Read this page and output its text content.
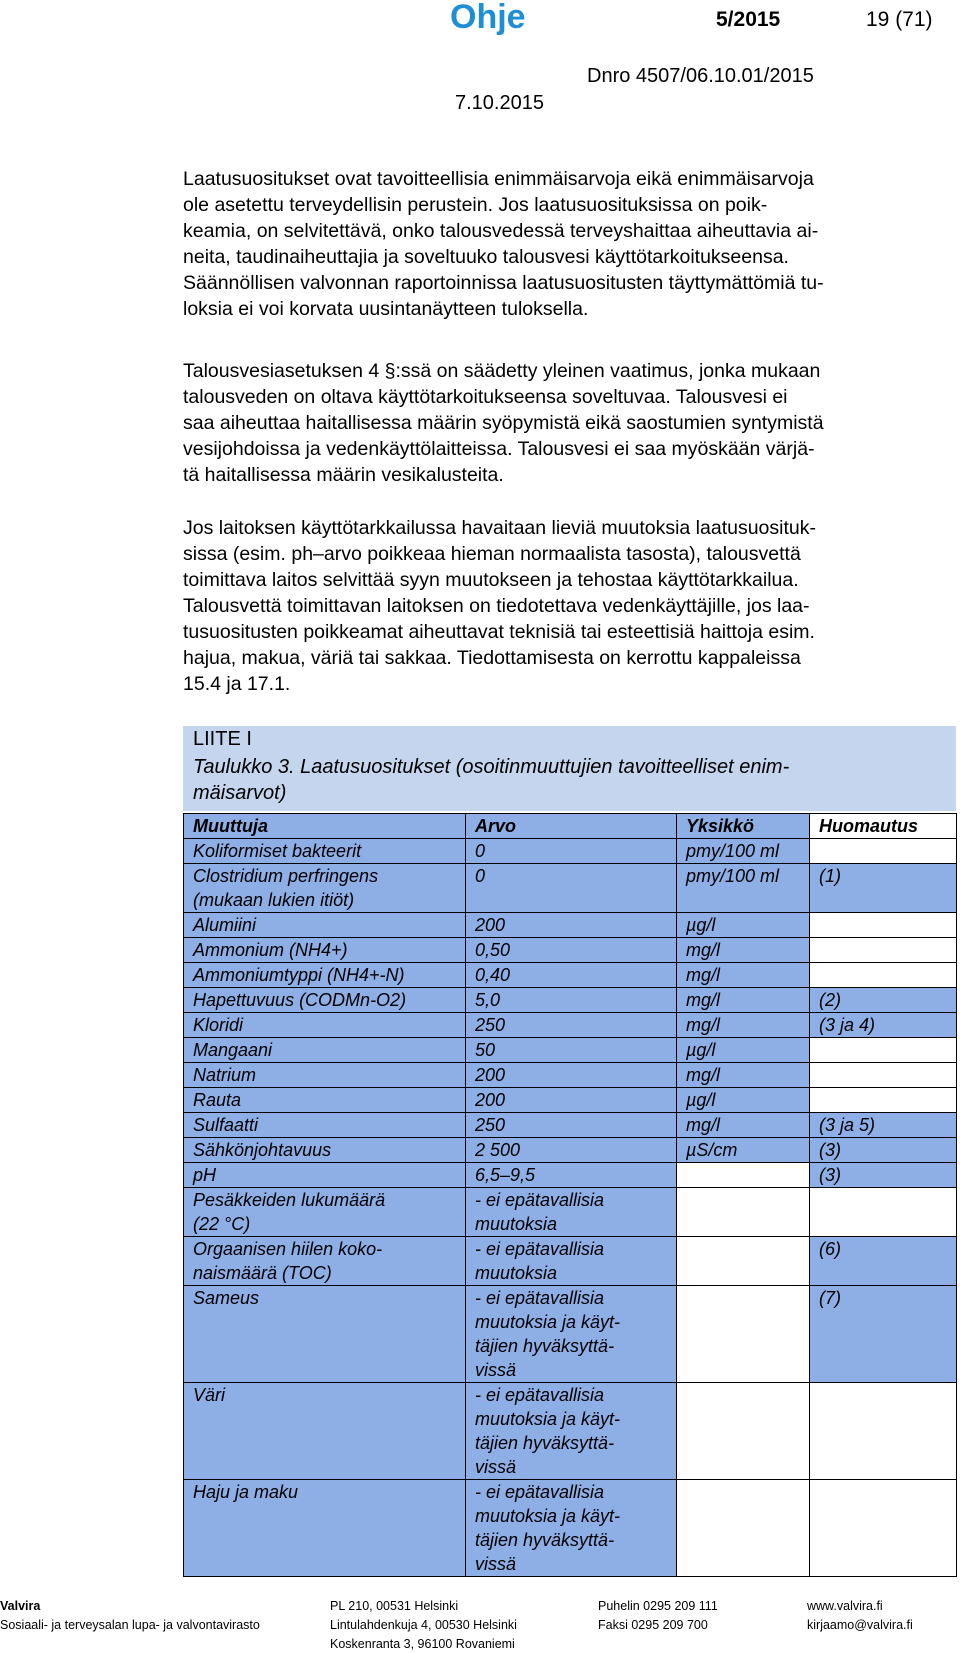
Ohje	5/2015	19 (71)
Dnro 4507/06.10.01/2015
7.10.2015
Laatusuositukset ovat tavoitteellisia enimmäisarvoja eikä enimmäisarvoja
ole asetettu terveydellisin perustein. Jos laatusuosituksissa on poik-
keamia, on selvitettävä, onko talousvedessä terveyshaittaa aiheuttavia ai-
neita, taudinaiheuttajia ja soveltuuko talousvesi käyttötarkoitukseensa.
Säännöllisen valvonnan raportoinnissa laatusuositusten täyttymättömiä tu-
loksia ei voi korvata uusintanäytteen tuloksella.
Talousvesiasetuksen 4 §:ssä on säädetty yleinen vaatimus, jonka mukaan
talousveden on oltava käyttötarkoitukseensa soveltuvaa. Talousvesi ei
saa aiheuttaa haitallisessa määrin syöpymistä eikä saostumien syntymistä
vesijohdoissa ja vedenkäyttölaitteissa. Talousvesi ei saa myöskään värjä-
tä haitallisessa määrin vesikalusteita.
Jos laitoksen käyttötarkkailussa havaitaan lieviä muutoksia laatusuosituk-
sissa (esim. ph–arvo poikkeaa hieman normaalista tasosta), talousvettä
toimittava laitos selvittää syyn muutokseen ja tehostaa käyttötarkkailua.
Talousvettä toimittavan laitoksen on tiedotettava vedenkäyttäjille, jos laa-
tusuositusten poikkeamat aiheuttavat teknisiä tai esteettisiä haittoja esim.
hajua, makua, väriä tai sakkaa. Tiedottamisesta on kerrottu kappaleissa
15.4 ja 17.1.
LIITE I
Taulukko 3. Laatusuositukset (osoitinmuuttujien tavoitteelliset enim-
mäisarvot)
Muuttuja	Arvo	Yksikkö	Huomautus

Koliformiset bakteerit	0	pmy/100 ml	

Clostridium perfringens
(mukaan lukien itiöt)	0	pmy/100 ml	(1)

Alumiini	200	µg/l	

Ammonium (NH4+)	0,50	mg/l	

Ammoniumtyppi (NH4+-N)	0,40	mg/l	

Hapettuvuus (CODMn-O2)	5,0	mg/l	(2)

Kloridi	250	mg/l	(3 ja 4)

Mangaani	50	µg/l	

Natrium	200	mg/l	

Rauta	200	µg/l	

Sulfaatti	250	mg/l	(3 ja 5)

Sähkönjohtavuus	2 500	µS/cm	(3)

pH	6,5–9,5		(3)

Pesäkkeiden lukumäärä
(22 °C)	- ei epätavallisia
muutoksia		

Orgaanisen hiilen koko-
naismäärä (TOC)	- ei epätavallisia
muutoksia		(6)

Sameus	- ei epätavallisia
muutoksia ja käyt-
täjien hyväksyttä-
vissä		(7)

Väri	- ei epätavallisia
muutoksia ja käyt-
täjien hyväksyttä-
vissä		

Haju ja maku	- ei epätavallisia
muutoksia ja käyt-
täjien hyväksyttä-
vissä		

Valvira
Sosiaali- ja terveysalan lupa- ja valvontavirasto
PL 210, 00531 Helsinki
Lintulahdenkuja 4, 00530 Helsinki
Koskenranta 3, 96100 Rovaniemi
Puhelin 0295 209 111
Faksi 0295 209 700
www.valvira.fi
kirjaamo@valvira.fi
